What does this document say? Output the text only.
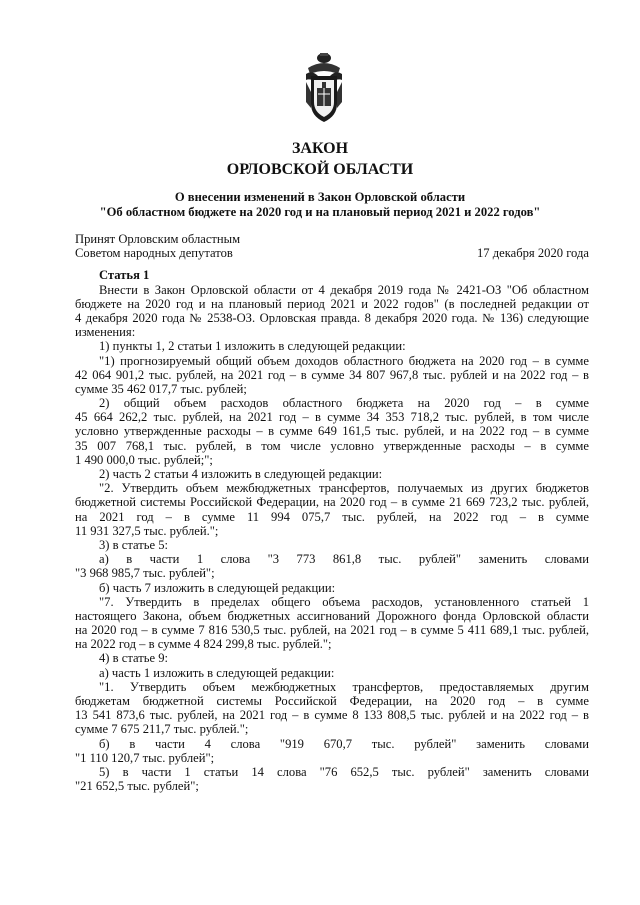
ЗАКОН
ОРЛОВСКОЙ ОБЛАСТИ
О внесении изменений в Закон Орловской области
"Об областном бюджете на 2020 год и на плановый период 2021 и 2022 годов"
Принят Орловским областным
Советом народных депутатов	17 декабря 2020 года
Статья 1
Внести в Закон Орловской области от 4 декабря 2019 года № 2421-ОЗ "Об областном
бюджете на 2020 год и на плановый период 2021 и 2022 годов" (в последней редакции от
4 декабря 2020 года № 2538-ОЗ. Орловская правда. 8 декабря 2020 года. № 136) следующие
изменения:
1) пункты 1, 2 статьи 1 изложить в следующей редакции:
"1) прогнозируемый общий объем доходов областного бюджета на 2020 год – в сумме
42 064 901,2 тыс. рублей, на 2021 год – в сумме 34 807 967,8 тыс. рублей и на 2022 год – в
сумме 35 462 017,7 тыс. рублей;
2) общий объем расходов областного бюджета на 2020 год – в сумме
45 664 262,2 тыс. рублей, на 2021 год – в сумме 34 353 718,2 тыс. рублей, в том числе
условно утвержденные расходы – в сумме 649 161,5 тыс. рублей, и на 2022 год – в сумме
35 007 768,1 тыс. рублей, в том числе условно утвержденные расходы – в сумме
1 490 000,0 тыс. рублей;";
2) часть 2 статьи 4 изложить в следующей редакции:
"2. Утвердить объем межбюджетных трансфертов, получаемых из других бюджетов
бюджетной системы Российской Федерации, на 2020 год – в сумме 21 669 723,2 тыс. рублей,
на 2021 год – в сумме 11 994 075,7 тыс. рублей, на 2022 год – в сумме
11 931 327,5 тыс. рублей.";
3) в статье 5:
а) в части 1 слова "3 773 861,8 тыс. рублей" заменить словами
"3 968 985,7 тыс. рублей";
б) часть 7 изложить в следующей редакции:
"7. Утвердить в пределах общего объема расходов, установленного статьей 1
настоящего Закона, объем бюджетных ассигнований Дорожного фонда Орловской области
на 2020 год – в сумме 7 816 530,5 тыс. рублей, на 2021 год – в сумме 5 411 689,1 тыс. рублей,
на 2022 год – в сумме 4 824 299,8 тыс. рублей.";
4) в статье 9:
а) часть 1 изложить в следующей редакции:
"1. Утвердить объем межбюджетных трансфертов, предоставляемых другим
бюджетам бюджетной системы Российской Федерации, на 2020 год – в сумме
13 541 873,6 тыс. рублей, на 2021 год – в сумме 8 133 808,5 тыс. рублей и на 2022 год – в
сумме 7 675 211,7 тыс. рублей.";
б) в части 4 слова "919 670,7 тыс. рублей" заменить словами
"1 110 120,7 тыс. рублей";
5) в части 1 статьи 14 слова "76 652,5 тыс. рублей" заменить словами
"21 652,5 тыс. рублей";
